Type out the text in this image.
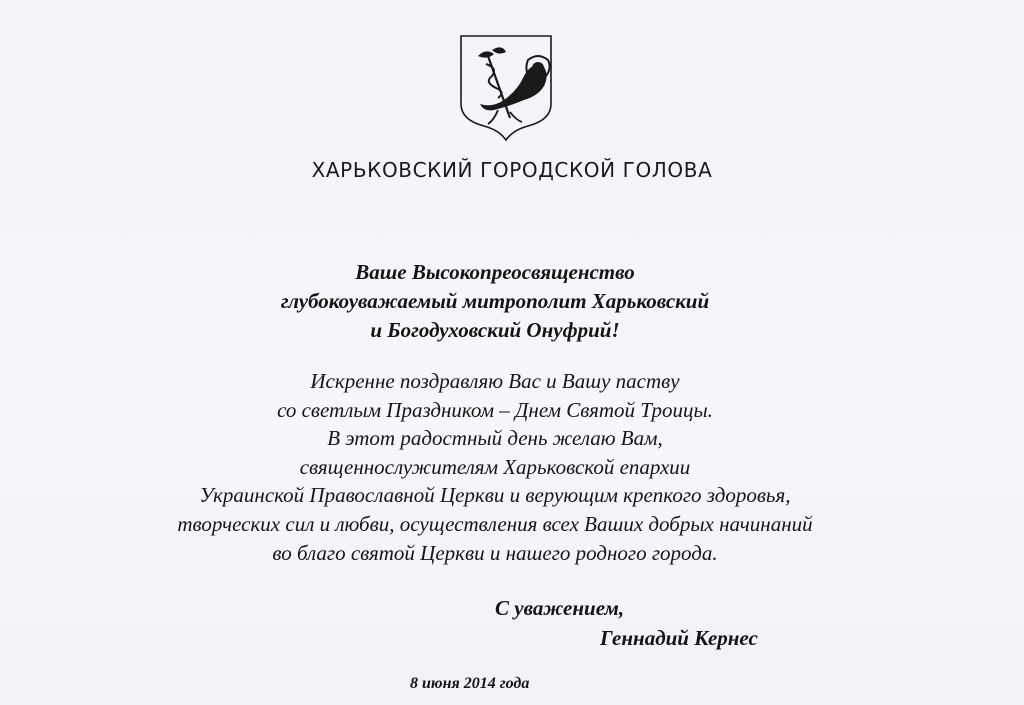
ХАРЬКОВСКИЙ ГОРОДСКОЙ ГОЛОВА
Ваше Высокопреосвященство
глубокоуважаемый митрополит Харьковский
и Богодуховский Онуфрий!
Искренне поздравляю Вас и Вашу паству
со светлым Праздником – Днем Святой Троицы.
В этот радостный день желаю Вам,
священнослужителям Харьковской епархии
Украинской Православной Церкви и верующим крепкого здоровья,
творческих сил и любви, осуществления всех Ваших добрых начинаний
во благо святой Церкви и нашего родного города.
С уважением,
Геннадий Кернес
8 июня 2014 года
